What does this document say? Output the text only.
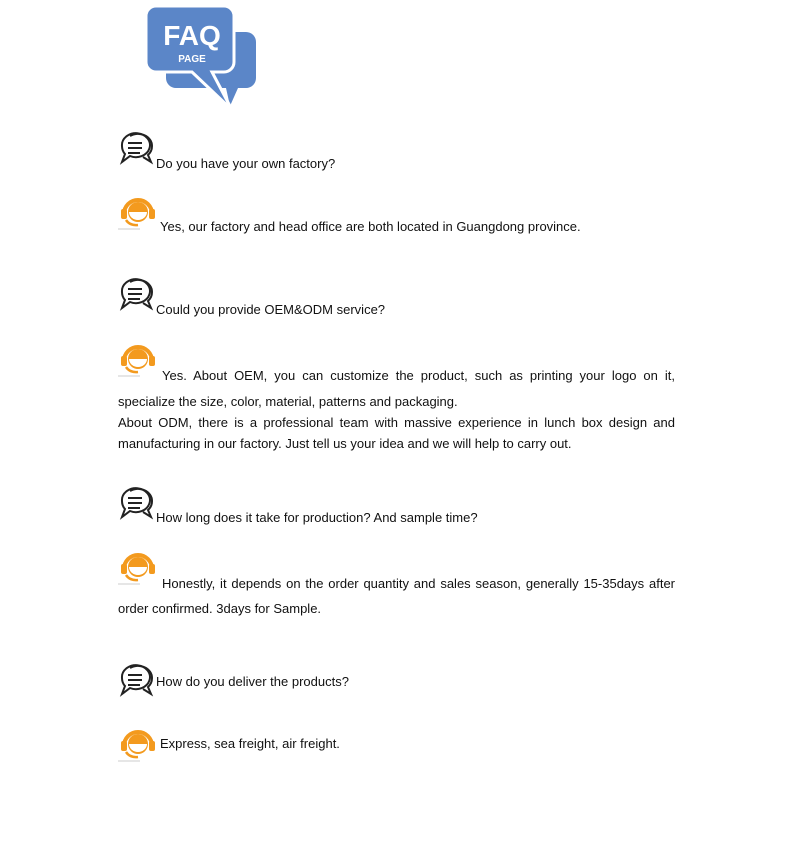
FAQ
PAGE
Do you have your own factory?
Yes, our factory and head office are both located in Guangdong province.
Could you provide OEM&ODM service?

Yes. About OEM, you can customize the product, such as printing your logo on it,

specialize the size, color, material, patterns and packaging.

About ODM, there is a professional team with massive experience in lunch box design and

manufacturing in our factory. Just tell us your idea and we will help to carry out.

How long does it take for production? And sample time?

Honestly, it depends on the order quantity and sales season, generally 15-35days after

order confirmed. 3days for Sample.

How do you deliver the products?
Express, sea freight, air freight.
